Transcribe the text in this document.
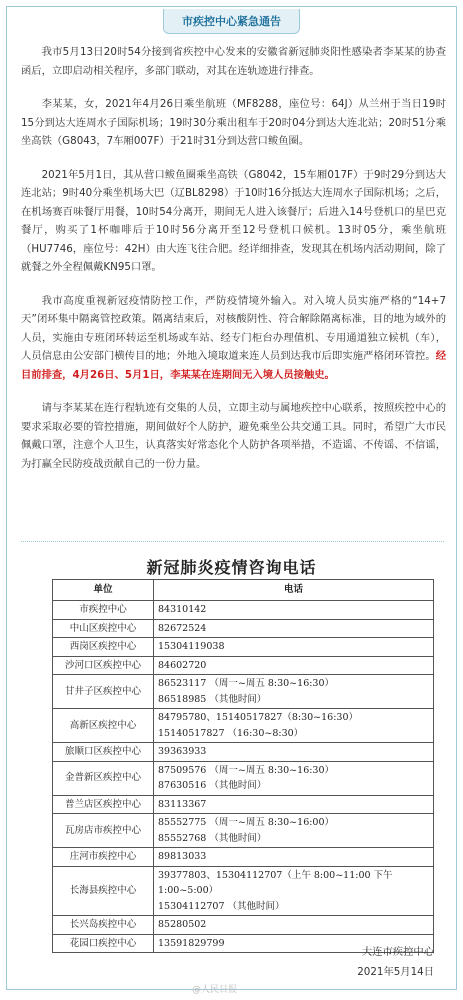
市疾控中心紧急通告

我市5月13日20时54分接到省疾控中心发来的安徽省新冠肺炎阳性感染者李某某的协查函后，立即启动相关程序，多部门联动，对其在连轨迹进行排查。

李某某，女，2021年4月26日乘坐航班（MF8288，座位号：64J）从兰州于当日19时15分到达大连周水子国际机场；19时30分乘出租车于20时04分到达大连北站；20时51分乘坐高铁（G8043，7车厢007F）于21时31分到达营口鲅鱼圈。

2021年5月1日，其从营口鲅鱼圈乘坐高铁（G8042，15车厢017F）于9时29分到达大连北站；9时40分乘坐机场大巴（辽BL8298）于10时16分抵达大连周水子国际机场；之后，在机场赛百味餐厅用餐，10时54分离开，期间无人进入该餐厅；后进入14号登机口的星巴克餐厅，购买了1杯咖啡后于10时56分离开至12号登机口候机。13时05分，乘坐航班（HU7746，座位号：42H）由大连飞往合肥。经详细排查，发现其在机场内活动期间，除了就餐之外全程佩戴KN95口罩。

我市高度重视新冠疫情防控工作，严防疫情境外输入。对入境人员实施严格的“14+7天”闭环集中隔离管控政策。隔离结束后，对核酸阴性、符合解除隔离标准，目的地为域外的人员，实施由专班闭环转运至机场或车站、经专门柜台办理值机、专用通道独立候机（车），人员信息由公安部门横传目的地；外地入境取道来连人员到达我市后即实施严格闭环管控。经目前排查，4月26日、5月1日，李某某在连期间无入境人员接触史。

请与李某某在连行程轨迹有交集的人员，立即主动与属地疾控中心联系，按照疾控中心的要求采取必要的管控措施，期间做好个人防护，避免乘坐公共交通工具。同时，希望广大市民佩戴口罩，注意个人卫生，认真落实好常态化个人防护各项举措，不造谣、不传谣、不信谣，为打赢全民防疫战贡献自己的一份力量。

新冠肺炎疫情咨询电话
单位	电话
市疾控中心	84310142

中山区疾控中心	82672524

西岗区疾控中心	15304119038

沙河口区疾控中心	84602720

甘井子区疾控中心	86523117 （周一~周五 8:30~16:30）
86518985 （其他时间）

高新区疾控中心	84795780、15140517827（8:30~16:30）
15140517827 （16:30~8:30）

旅顺口区疾控中心	39363933

金普新区疾控中心	87509576 （周一~周五 8:30~16:30）
87630516 （其他时间）

普兰店区疾控中心	83113367

瓦房店市疾控中心	85552775 （周一~周五 8:30~16:00）
85552768 （其他时间）

庄河市疾控中心	89813033

长海县疾控中心	39377803、15304112707（上午 8:00~11:00 下午 1:00~5:00）
15304112707 （其他时间）

长兴岛疾控中心	85280502

花园口疾控中心	13591829799
大连市疾控中心
2021年5月14日
@人民日报
